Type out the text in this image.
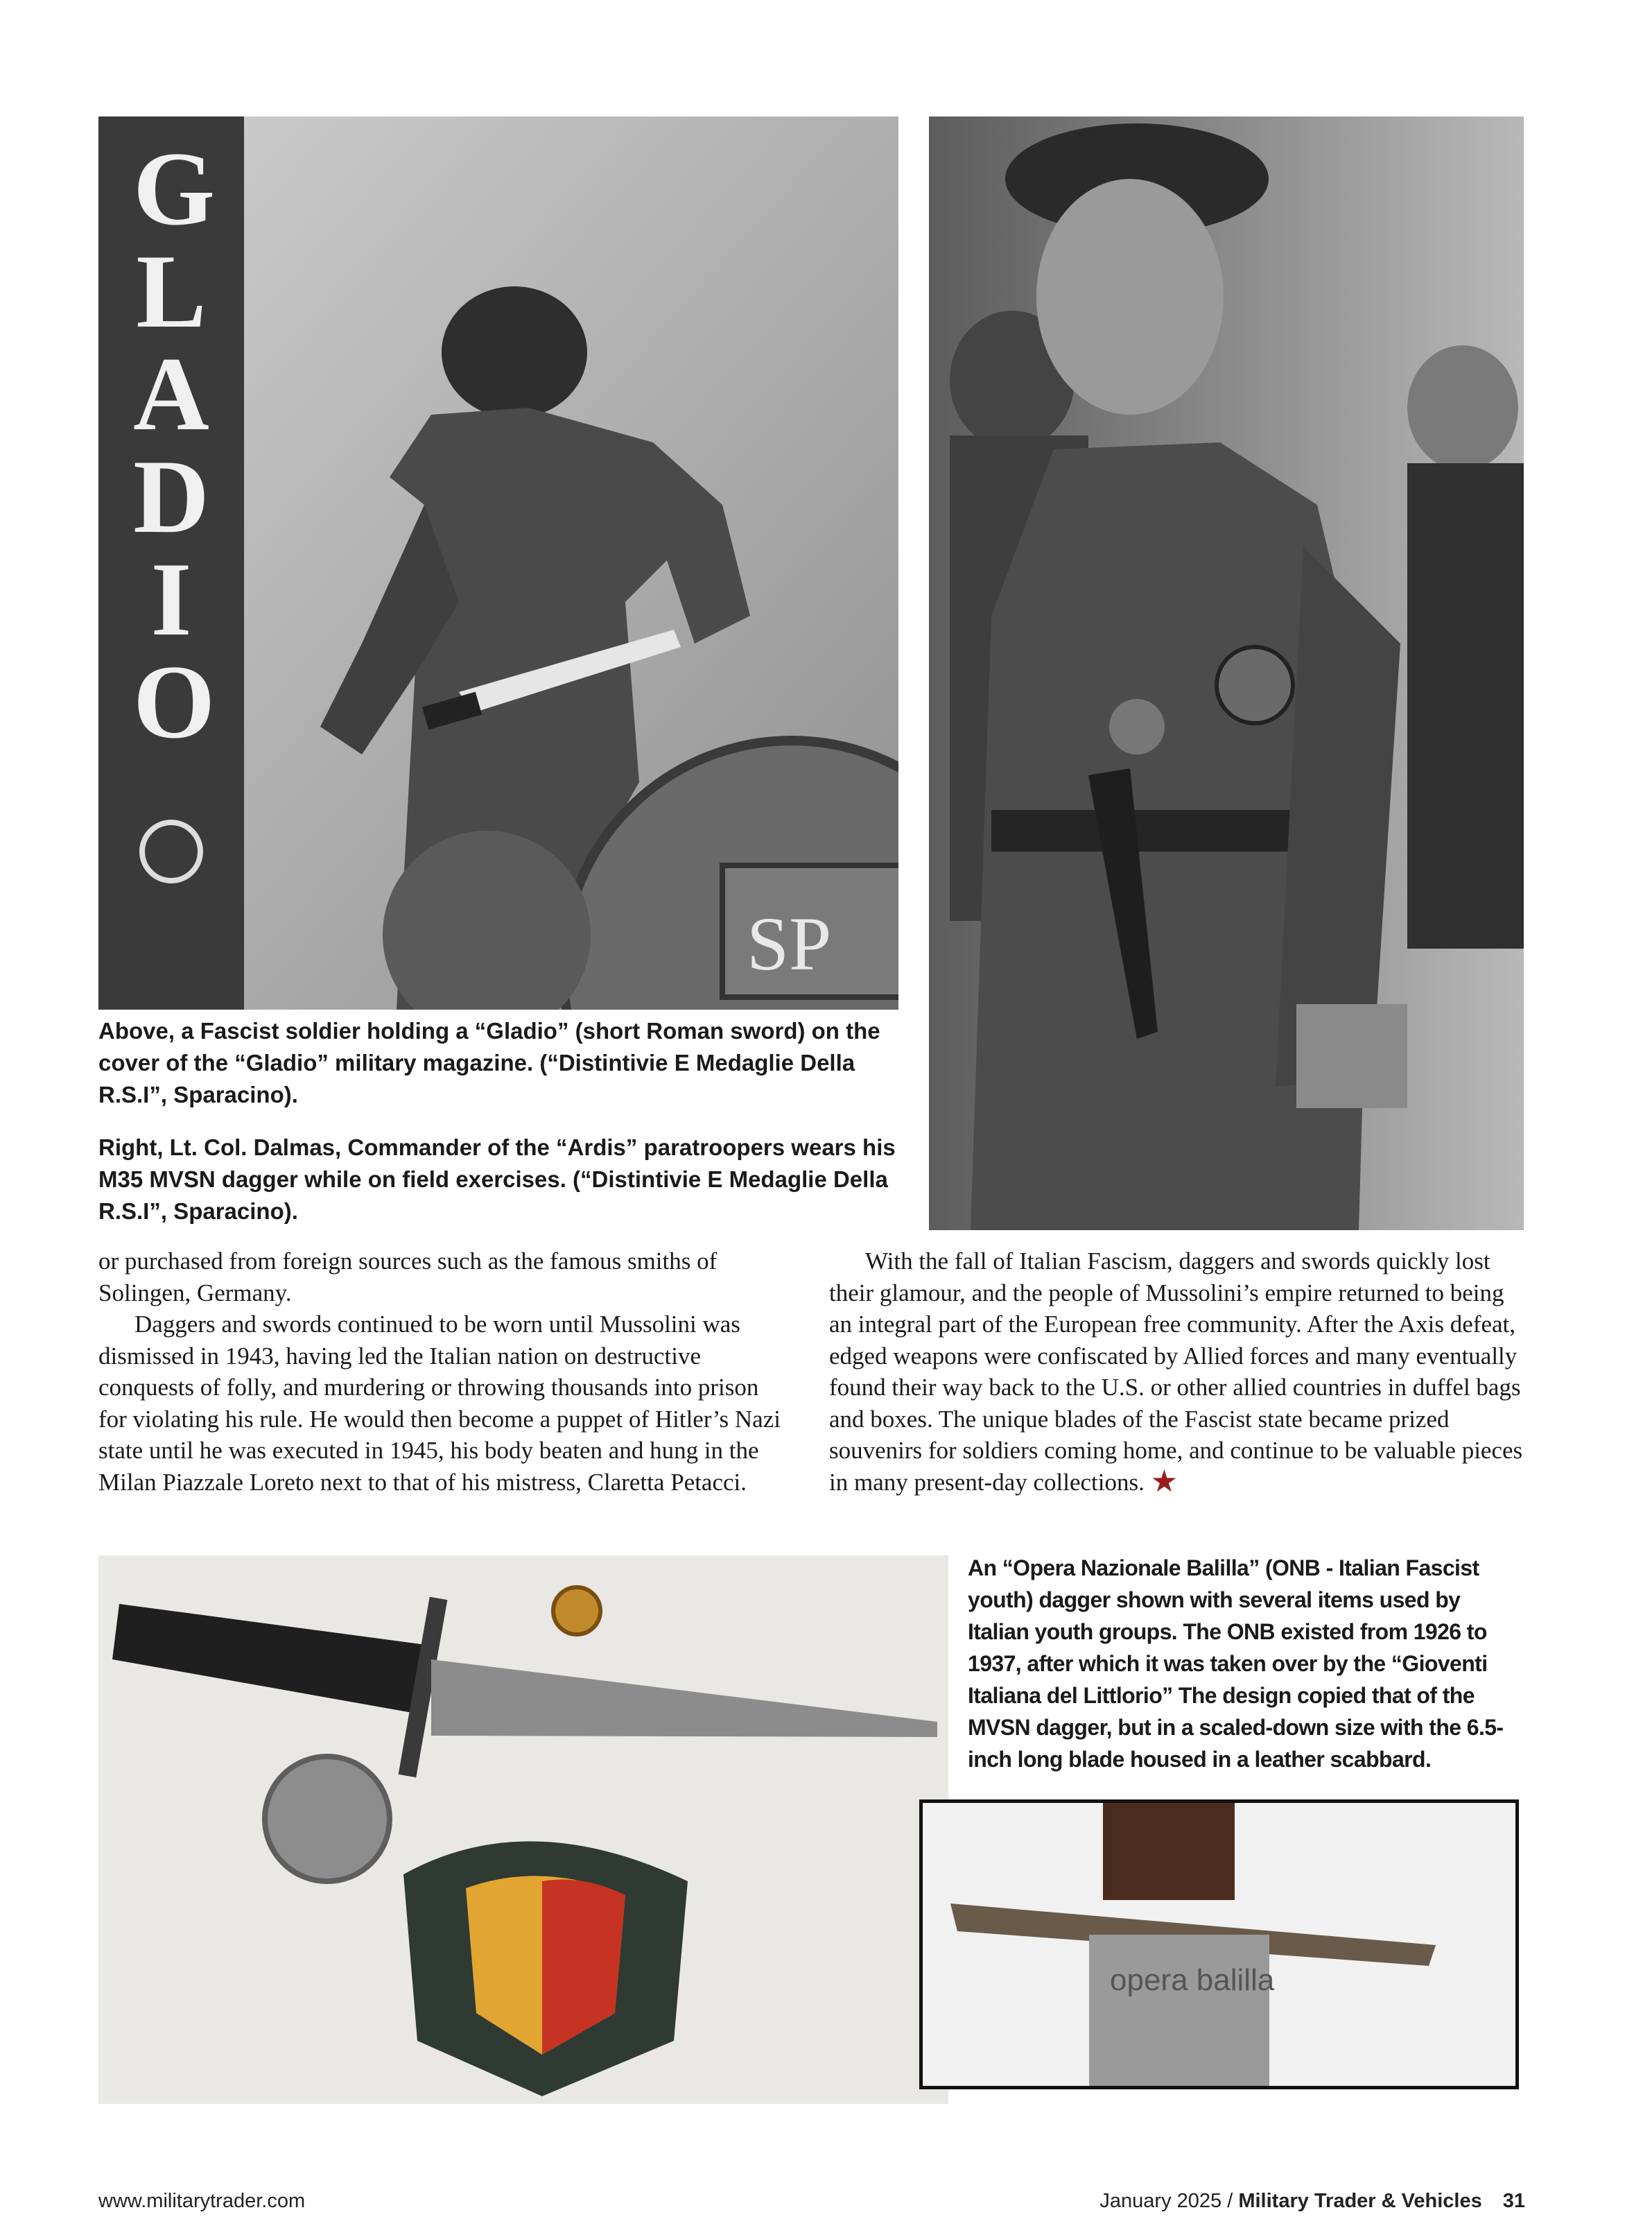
SP
GLADIO
Above, a Fascist soldier holding a “Gladio” (short Roman sword) on the cover of the “Gladio” military magazine. (“Distintivie E Medaglie Della R.S.I”, Sparacino).
Right, Lt. Col. Dalmas, Commander of the “Ardis” paratroopers wears his M35 MVSN dagger while on field exercises. (“Distintivie E Medaglie Della R.S.I”, Sparacino).

or purchased from foreign sources such as the famous smiths of Solingen, Germany.

Daggers and swords continued to be worn until Mussolini was dismissed in 1943, having led the Italian nation on destructive conquests of folly, and murdering or throwing thousands into prison for violating his rule. He would then become a puppet of Hitler’s Nazi state until he was executed in 1945, his body beaten and hung in the Milan Piazzale Loreto next to that of his mistress, Claretta Petacci.

With the fall of Italian Fascism, daggers and swords quickly lost their glamour, and the people of Mussolini’s empire returned to being an integral part of the European free community. After the Axis defeat, edged weapons were confiscated by Allied forces and many eventually found their way back to the U.S. or other allied countries in duffel bags and boxes. The unique blades of the Fascist state became prized souvenirs for soldiers coming home, and continue to be valuable pieces in many present-day collections. ★

An “Opera Nazionale Balilla” (ONB - Italian Fascist youth) dagger shown with several items used by Italian youth groups. The ONB existed from 1926 to 1937, after which it was taken over by the “Gioventi Italiana del Littlorio” The design copied that of the MVSN dagger, but in a scaled-down size with the 6.5-inch long blade housed in a leather scabbard.
opera balilla
www.militarytrader.com	January 2025 / Military Trader & Vehicles 31
